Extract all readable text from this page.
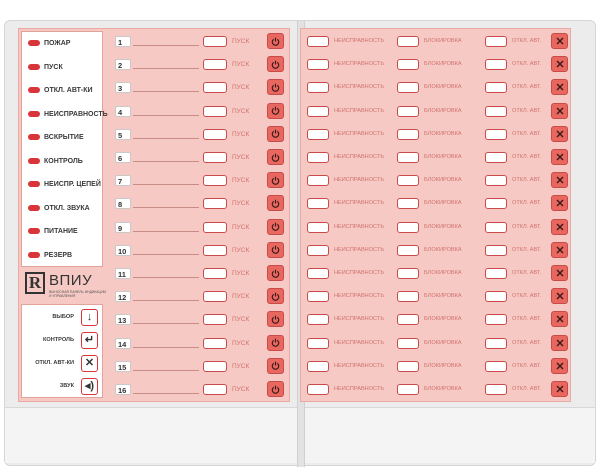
ПОЖАР
ПУСК
ОТКЛ. АВТ-КИ
НЕИСПРАВНОСТЬ
ВСКРЫТИЕ
КОНТРОЛЬ
НЕИСПР. ЦЕПЕЙ
ОТКЛ. ЗВУКА
ПИТАНИЕ
РЕЗЕРВ
R ВПИУ
ВЫНОСНАЯ ПАНЕЛЬ ИНДИКАЦИИ И УПРАВЛЕНИЯ
ВЫБОР	↓
КОНТРОЛЬ ↵
ОТКЛ. АВТ-КИ ✕
ЗВУК ◂)
1	ПУСК
2	ПУСК
3	ПУСК
4	ПУСК
5	ПУСК
6	ПУСК
7	ПУСК
8	ПУСК
9	ПУСК
10	ПУСК
11	ПУСК
12	ПУСК
13	ПУСК
14	ПУСК
15	ПУСК
16	ПУСК
НЕИСПРАВНОСТЬ	БЛОКИРОВКА	ОТКЛ. АВТ.
НЕИСПРАВНОСТЬ	БЛОКИРОВКА	ОТКЛ. АВТ.
НЕИСПРАВНОСТЬ	БЛОКИРОВКА	ОТКЛ. АВТ.
НЕИСПРАВНОСТЬ	БЛОКИРОВКА	ОТКЛ. АВТ.
НЕИСПРАВНОСТЬ	БЛОКИРОВКА	ОТКЛ. АВТ.
НЕИСПРАВНОСТЬ	БЛОКИРОВКА	ОТКЛ. АВТ.
НЕИСПРАВНОСТЬ	БЛОКИРОВКА	ОТКЛ. АВТ.
НЕИСПРАВНОСТЬ	БЛОКИРОВКА	ОТКЛ. АВТ.
НЕИСПРАВНОСТЬ	БЛОКИРОВКА	ОТКЛ. АВТ.
НЕИСПРАВНОСТЬ	БЛОКИРОВКА	ОТКЛ. АВТ.
НЕИСПРАВНОСТЬ	БЛОКИРОВКА	ОТКЛ. АВТ.
НЕИСПРАВНОСТЬ	БЛОКИРОВКА	ОТКЛ. АВТ.
НЕИСПРАВНОСТЬ	БЛОКИРОВКА	ОТКЛ. АВТ.
НЕИСПРАВНОСТЬ	БЛОКИРОВКА	ОТКЛ. АВТ.
НЕИСПРАВНОСТЬ	БЛОКИРОВКА	ОТКЛ. АВТ.
НЕИСПРАВНОСТЬ	БЛОКИРОВКА	ОТКЛ. АВТ.
